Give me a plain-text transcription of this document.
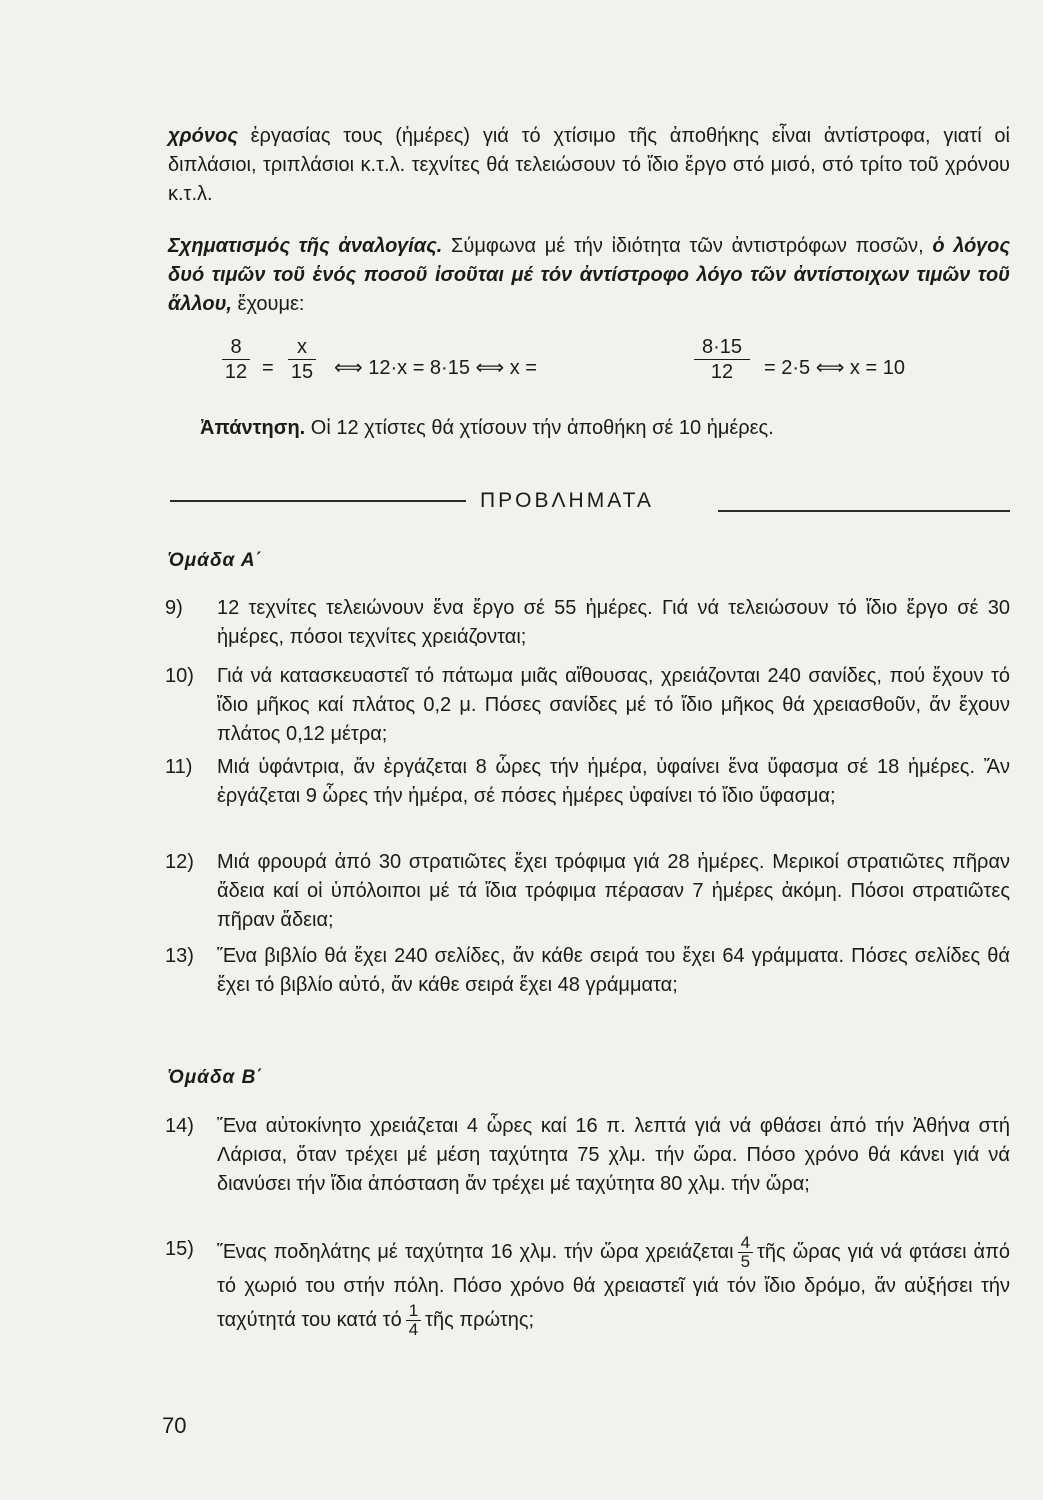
χρόνος ἐργασίας τους (ἡμέρες) γιά τό χτίσιμο τῆς ἀποθήκης εἶναι ἀντίστροφα, γιατί οἱ διπλάσιοι, τριπλάσιοι κ.τ.λ. τεχνίτες θά τελειώσουν τό ἴδιο ἔργο στό μισό, στό τρίτο τοῦ χρόνου κ.τ.λ.

Σχηματισμός τῆς ἀναλογίας. Σύμφωνα μέ τήν ἰδιότητα τῶν ἀντιστρόφων ποσῶν, ὁ λόγος δυό τιμῶν τοῦ ἑνός ποσοῦ ἰσοῦται μέ τόν ἀντίστροφο λόγο τῶν ἀντίστοιχων τιμῶν τοῦ ἄλλου, ἔχουμε:

8
12 =
x
15 ⟺ 12·x = 8·15 ⟺ x =
8·15
12	= 2·5 ⟺ x = 10
Ἀπάντηση. Οἱ 12 χτίστες θά χτίσουν τήν ἀποθήκη σέ 10 ἡμέρες.
ΠΡΟΒΛΗΜΑΤΑ
Ὁμάδα Α΄
9)	12 τεχνίτες τελειώνουν ἕνα ἔργο σέ 55 ἡμέρες. Γιά νά τελειώσουν τό ἴδιο ἔργο σέ 30 ἡμέρες, πόσοι τεχνίτες χρειάζονται;
10)	Γιά νά κατασκευαστεῖ τό πάτωμα μιᾶς αἴθουσας, χρειάζονται 240 σανίδες, πού ἔχουν τό ἴδιο μῆκος καί πλάτος 0,2 μ. Πόσες σανίδες μέ τό ἴδιο μῆκος θά χρειασθοῦν, ἄν ἔχουν πλάτος 0,12 μέτρα;
11)	Μιά ὑφάντρια, ἄν ἐργάζεται 8 ὧρες τήν ἡμέρα, ὑφαίνει ἕνα ὕφασμα σέ 18 ἡμέρες. Ἄν ἐργάζεται 9 ὧρες τήν ἡμέρα, σέ πόσες ἡμέρες ὑφαίνει τό ἴδιο ὕφασμα;
12)	Μιά φρουρά ἀπό 30 στρατιῶτες ἔχει τρόφιμα γιά 28 ἡμέρες. Μερικοί στρατιῶτες πῆραν ἄδεια καί οἱ ὑπόλοιποι μέ τά ἴδια τρόφιμα πέρασαν 7 ἡμέρες ἀκόμη. Πόσοι στρατιῶτες πῆραν ἄδεια;
13)	Ἕνα βιβλίο θά ἔχει 240 σελίδες, ἄν κάθε σειρά του ἔχει 64 γράμματα. Πόσες σελίδες θά ἔχει τό βιβλίο αὐτό, ἄν κάθε σειρά ἔχει 48 γράμματα;
Ὁμάδα Β΄
14)	Ἕνα αὐτοκίνητο χρειάζεται 4 ὧρες καί 16 π. λεπτά γιά νά φθάσει ἀπό τήν Ἀθήνα στή Λάρισα, ὅταν τρέχει μέ μέση ταχύτητα 75 χλμ. τήν ὥρα. Πόσο χρόνο θά κάνει γιά νά διανύσει τήν ἴδια ἀπόσταση ἄν τρέχει μέ ταχύτητα 80 χλμ. τήν ὥρα;
15)	Ἕνας ποδηλάτης μέ ταχύτητα 16 χλμ. τήν ὥρα χρειάζεται $\frac{4}{5}$ τῆς ὥρας γιά νά φτάσει ἀπό τό χωριό του στήν πόλη. Πόσο χρόνο θά χρειαστεῖ γιά τόν ἴδιο δρόμο, ἄν αὐξήσει τήν ταχύτητά του κατά τό $\frac{1}{4}$ τῆς πρώτης;
70
